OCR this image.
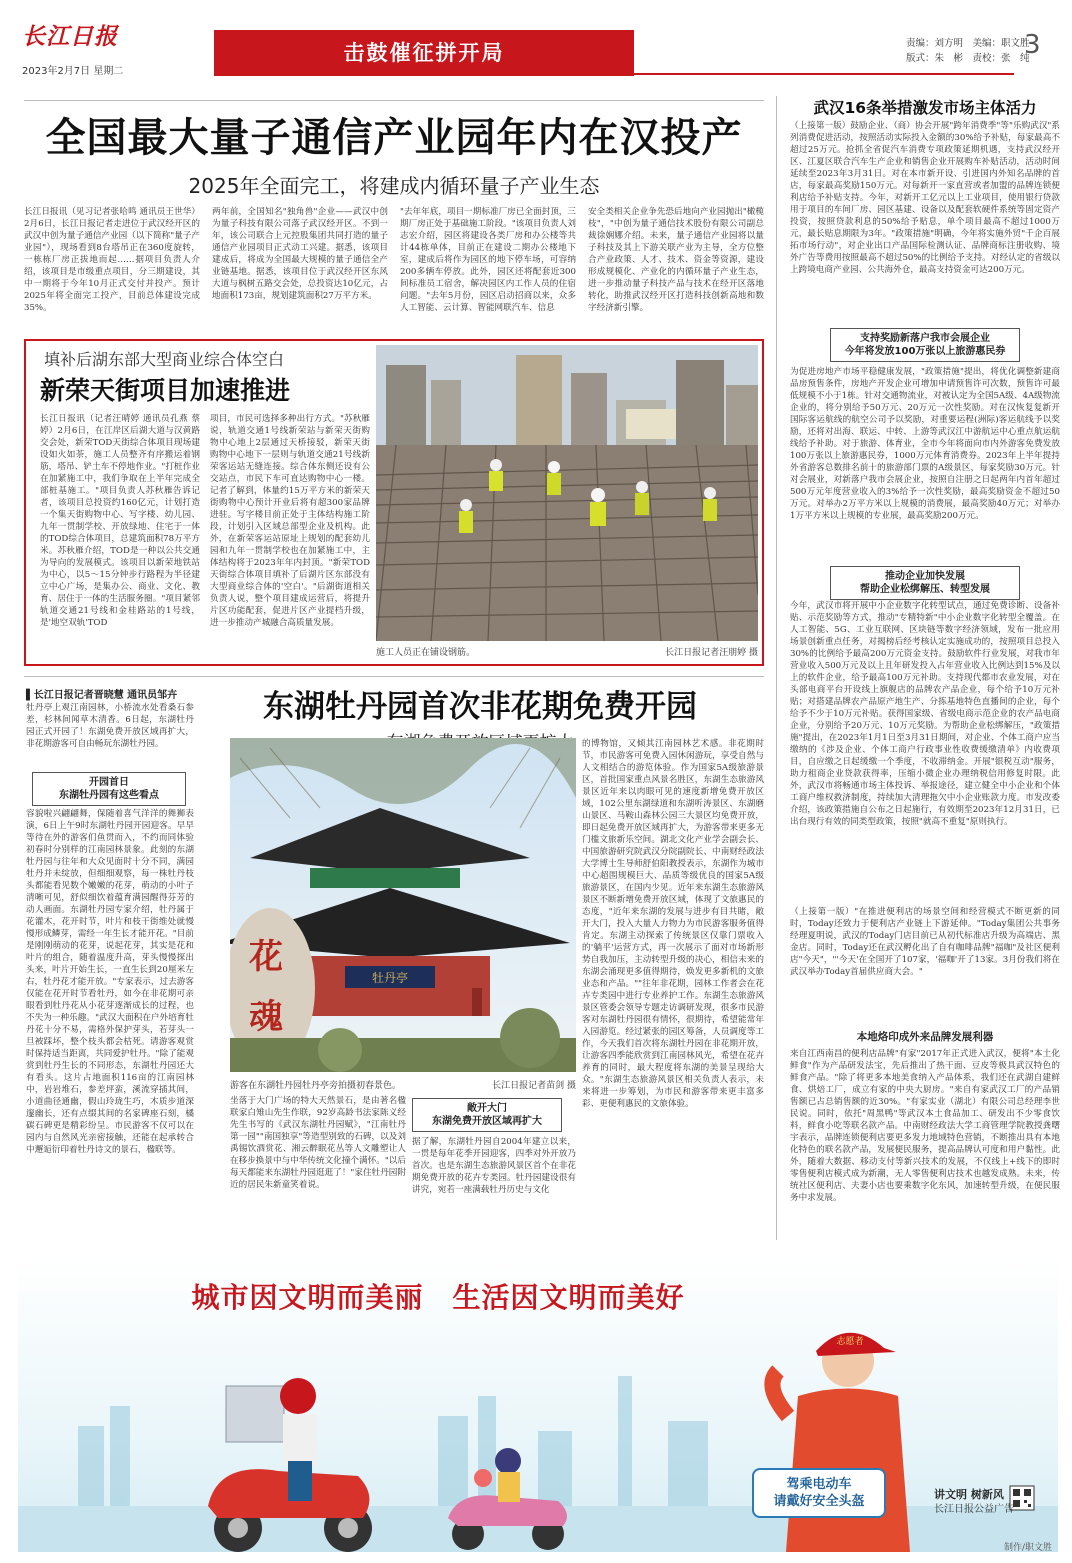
长江日报
2023年2月7日 星期二
击鼓催征拼开局	责编：刘方明　美编：职文胜
版式：朱　彬　责校：张　纯
3
全国最大量子通信产业园年内在汉投产
2025年全面完工，将建成内循环量子产业生态
长江日报讯（见习记者张哈鸣 通讯员王世华）2月6日，长江日报记者走进位于武汉经开区的武汉中创为量子通信产业园（以下简称"量子产业园"），现场看到8台塔吊正在360度旋转，一栋栋厂房正拔地而起……据项目负责人介绍，该项目是市级重点项目，分三期建设，其中一期将于今年10月正式交付并投产。预计2025年将全面完工投产，目前总体建设完成35%。
两年前，全国知名"独角兽"企业——武汉中创为量子科技有限公司落子武汉经开区。不到一年，该公司联合上元控股集团共同打造的量子通信产业园项目正式动工兴建。据悉，该项目建成后，将成为全国最大规模的量子通信全产业链基地。据悉，该项目位于武汉经开区东风大道与枫树五路交会处，总投资达10亿元，占地面积173亩，规划建筑面积27万平方米。
"去年年底，项目一期标准厂房已全面封顶，三期厂房正处于基础施工阶段。"该项目负责人刘志宏介绍，园区将建设各类厂房和办公楼等共计44栋单体，目前正在建设二期办公楼地下室，建成后将作为园区的地下停车场，可容纳200多辆车停放。此外，园区还将配套近300间标准员工宿舍，解决园区内工作人员的住宿问题。"去年5月份，园区启动招商以来，众多人工智能、云计算、智能网联汽车、信息
安全类相关企业争先恐后地向产业园抛出"橄榄枝"，"中创为量子通信技术股份有限公司副总裁徐娴娜介绍。未来，量子通信产业园将以量子科技及其上下游关联产业为主导，全方位整合产业政策、人才、技术、资金等资源，建设形成规模化、产业化的内循环量子产业生态，进一步推动量子科技产品与技术在经开区落地转化，助推武汉经开区打造科技创新高地和数字经济新引擎。
填补后湖东部大型商业综合体空白
新荣天街项目加速推进
长江日报讯（记者汪晴婷 通讯员孔燕 蔡婷）2月6日，在江岸区后湖大道与汉黄路交会处，新荣TOD天街综合体项目现场建设如火如荼，施工人员整齐有序搬运着钢筋，塔吊、铲土车不停地作业。"打桩作业在加紧施工中，我们争取在上半年完成全部桩基施工。"项目负责人苏秋雁告诉记者，该项目总投资约160亿元，计划打造一个集天街购物中心、写字楼、幼儿园、九年一贯制学校、开放绿地、住宅于一体的TOD综合体项目，总建筑面积78万平方米。苏秋雁介绍，TOD是一种以公共交通为导向的发展模式。该项目以新荣地铁站为中心，以5～15分钟步行路程为半径建立中心广场，是集办公、商业、文化、教育、居住于一体的生活服务圈。"项目紧邻轨道交通21号线和金桂路站的1号线，是'地空双轨'TOD
项目，市民可选择多种出行方式。"苏秋雁说，轨道交通1号线新荣站与新荣天街购物中心地上2层通过天桥接驳，新荣天街购物中心地下一层则与轨道交通21号线新荣客运站无缝连接。综合体东侧还设有公交站点，市民下车可直达购物中心一楼。记者了解到，体量约15万平方米的新荣天街购物中心预计开业后将有超300家品牌进驻。写字楼目前正处于主体结构施工阶段，计划引入区域总部型企业及机构。此外，在新荣客运站原址上规划的配套幼儿园和九年一贯制学校也在加紧施工中，主体结构将于2023年年内封顶。"新荣TOD天街综合体项目填补了后湖片区东部没有大型商业综合体的'空白'。"后湖街道相关负责人说，整个项目建成运营后，将提升片区功能配套，促进片区产业提档升级，进一步推动产城融合高质量发展。
施工人员正在铺设钢筋。	长江日报记者汪朋婷 摄
▌长江日报记者晋晓慧 通讯员邹卉	东湖牡丹园首次非花期免费开园
牡丹亭上观江南园林，小桥流水处看桑石参差，杉林间闻草木清香。6日起，东湖牡丹园正式开园了！东湖免费开放区域再扩大，非花期游客可自由畅玩东湖牡丹园。
开园首日
东湖牡丹园有这些看点
容貌啦兴翩翩舞，保随着喜气洋洋的舞狮表演，6日上午9时东湖牡丹园开园迎客。早早等待在外的游客们鱼贯而入，不约而同体验初春时分别样的江南园林景象。此刻的东湖牡丹园与往年和大众见面时十分不同，满园牡丹并未绽放，但细细观察，每一株牡丹枝头都能看见数个嫩嫩的花芽，萌动的小叶子清晰可见，舒似细饮着蕴育满园醒得芬芳的动人画面。东湖牡丹园专家介绍，牡丹属于花灌木，花开时节，叶片和枝干街维处就慢慢形成鳞芽，需经一年生长才能开花。"目前是刚刚萌动的花芽，说起花芽，其实是花和叶片的组合，随着温度升高，芽头慢慢探出头来，叶片开始生长，一直生长到20厘米左右，牡丹花才能开放。"专家表示，过去游客仅能在花开时节看牡丹，如今在非花期可亲眼看到牡丹花从小花芽逐渐成长的过程，也不失为一种乐趣。"武汉大面积在户外培育牡丹花十分不易，需格外保护芽头，若芽头一旦被踩坏，整个枝头都会枯死。请游客观赏时保持适当距离，共同爱护牡丹。"除了能观赏到牡丹生长的不同形态，东湖牡丹园还大有看头。这片占地面积116亩的江南园林中，岩岩堆石，参差坪蛮，溪流穿插其间，小道曲径通幽，假山玲珑生巧，木质步道深邃幽长，还有点缀其间的名家碑座石刻，橘碳石碑更是精彩纷呈。市民游客不仅可以在园内与自然风光亲密接触，还能在起承转合中邂逅衍印着牡丹诗文的景石，楹联等。
牡丹亭
花
魂
游客在东湖牡丹园牡丹亭旁拍摄初春景色。	长江日报记者苗剑 摄
坐落于大门广场的特大天然景石，是由著名楹联家白雉山先生作联，92岁高龄书法家陈义经先生书写的《武汉东湖牡丹园赋》，"江南牡丹第一园""南国独享"等造型别致的石碑，以及刘禹锡饮酒赏花、湘云醉眠花丛等人文雕塑让人在移步换景中与中华传统文化撞个满怀。"以后每天都能来东湖牡丹园逛逛了！"家住牡丹园附近的居民朱新童笑着说。
敞开大门
东湖免费开放区域再扩大
据了解，东湖牡丹园自2004年建立以来，一贯是每年花季开园迎客，四季对外开放乃首次。也是东湖生态旅游风景区首个在非花期免费开放的花卉专类园。牡丹园建设很有讲究，宛若一座满载牡丹历史与文化
的博物馆，又倾其江南园林艺术感。非花期时节，市民游客可免费入园休闲游玩，享受自然与人文相结合的游览体验。作为国家5A级旅游景区，首批国家重点风景名胜区，东湖生态旅游风景区近年来以肉眼可见的速度新增免费开放区域，102公里东湖绿道和东湖听涛景区、东湖磨山景区、马鞍山森林公园三大景区均免费开放，即日起免费开放区域再扩大，为游客带来更多无门槛文旅新乐空间。湖北文化产业学会副会长、中国旅游研究院武汉分院副院长、中南财经政法大学博士生导师舒伯阳教授表示，东湖作为城市中心超围规模巨大、品质等级优良的国家5A级旅游景区，在国内少见。近年来东湖生态旅游风景区不断新增免费开放区域，体现了文旅惠民的态度，"近年来东湖的发展与进步有目共睹，敞开大门，投入大量人力物力为市民游客服务值得肯定。东湖主动探索了传统景区仅靠门票收入的'躺平'运营方式，再一次展示了面对市场新形势自我加压，主动转型升级的决心，相信未来的东湖会涌现更多值得期待，焕发更多新机的文旅业态和产品。""往年非花期，园林工作者会在花卉专类园中进行专业养护工作。东湖生态旅游风景区管委会领导专题走访调研发现，很多市民游客对东湖牡丹园很有情怀，很期待，希望能常年入园游览。经过紧张的园区筹备，人员调度等工作，今天我们首次将东湖牡丹园在非花期开放，让游客四季能欣赏到江南园林风光，希望在花卉养育的同时，最大程度将东湖的美景呈现给大众。"东湖生态旅游风景区相关负责人表示，未来将进一步筹划，为市民和游客带来更丰富多彩、更便利惠民的文旅体验。
武汉16条举措激发市场主体活力
（上接第一版）鼓励企业、（商）协会开展"跨年消费季"等"乐购武汉"系列消费促进活动，按照活动实际投入金额的30%给予补贴，每家最高不超过25万元。抢抓全省促汽车消费专项政策延期机遇，支持武汉经开区、江夏区联合汽车生产企业和销售企业开展购车补贴活动，活动时间延续至2023年3月31日。对在本市新开设、引进国内外知名品牌的首店，每家最高奖励150万元。对每新开一家直营或者加盟的品牌连锁便利店给予补贴支持。今年，对新开工亿元以上工业项目，使用银行贷款用于项目的车间厂房、园区基建、设备以及配套软硬件系统等固定资产投资，按照贷款利息的50%给予贴息，单个项目最高不超过1000万元，最长贴息期限为3年。"政策措施"明确，今年将实施外贸"千企百展拓市场行动"，对企业出口产品国际检测认证、品牌商标注册收购、境外广告等费用按照最高不超过50%的比例给予支持。对经认定的省级以上跨境电商产业园、公共海外仓，最高支持资金可达200万元。
支持奖励新落户我市会展企业
今年将发放100万张以上旅游惠民券
为促进房地产市场平稳健康发展，"政策措施"提出，将优化调整新建商品房预售条件，房地产开发企业可增加申请预售许可次数，预售许可最低规模不小于1栋。针对交通物流业，对被认定为全国5A级、4A级物流企业的，将分别给予50万元、20万元一次性奖励。对在汉恢复复新开国际客运航线的航空公司予以奖励，对重要运程(洲际)客运航线予以奖励，还将对出海、联运、中转、上游等武汉江中游航运中心重点航运航线给予补助。对于旅游、体育业，全市今年将面向市内外游客免费发放100万张以上旅游惠民券，1000万元体育消费券。2023年上半年提持外省游客总数排名前十的旅游部门票的A级景区，每家奖励30万元。针对会展业，对新落户我市会展企业，按照自注册之日起两年内首年超过500万元年度营业收入的3%给予一次性奖励，最高奖励资金不超过50万元。对举办2万平方米以上规模的消费展，最高奖励40万元；对举办1万平方米以上规模的专业展，最高奖励200万元。
推动企业加快发展
帮助企业松绑解压、转型发展
今年，武汉市将开展中小企业数字化转型试点，通过免费诊断、设备补贴、示范奖励等方式，推动"专精特新"中小企业数字化转型全覆盖。在人工智能、5G、工业互联网、区块链等数字经济领域，发布一批应用场景创新重点任务，对揭榜后经考核认定实施成功的，按照项目总投入30%的比例给予最高200万元资金支持。鼓励软件行业发展，对我市年营业收入500万元及以上且年研发投入占年营业收入比例达到15%及以上的软件企业，给予最高100万元补助。支持现代都市农业发展，对在头部电商平台开设线上旗舰店的品牌农产品企业，每个给予10万元补贴；对搭建品牌农产品原产地生产、分拣基地特色直播间的企业，每个给予不少于10万元补贴。获得国家级、省级电商示范企业的农产品电商企业，分别给予20万元、10万元奖励。为帮助企业松绑解压，"政策措施"提出，在2023年1月1日至3月31日期间，对企业、个体工商户应当缴纳的《涉及企业、个体工商户行政事业性收费缓缴清单》内收费项目，自应缴之日起缓缴一个季度，不收滞纳金。开展"银税互动"服务，助力租商企业贷款获得率，压缩小微企业办理纳税信用修复时限。此外，武汉市将畅通市场主体投诉、举报途径，建立健全中小企业和个体工商户维权救济制度，持续加大清理拖欠中小企业账款力度。市发改委介绍，该政策措施自公布之日起施行，有效期至2023年12月31日，已出台现行有效的同类型政策，按照"就高不重复"原则执行。
（上接第一版）"在推进便利店的场景空间和经营模式不断更新的同时，Today还致力于便利店产业链上下游延伸。"Today集团公共事务经理夏明说，武汉的Today门店目前已从初代标准店升级为高端店、黑金店。同时，Today还在武汉孵化出了自有咖啡品牌"福咖"及社区便利店"今天"，"'今天'在全国开了107家，'福咖'开了13家。3月份我们将在武汉举办Today首届供应商大会。"
本地烙印成外来品牌发展利器
来自江西南昌的便利店品牌"有家"2017年正式进入武汉，便将"本土化鲜食"作为产品研发法宝，先后推出了热干面、豆皮等极具武汉特色的鲜食产品。"除了将更多本地美食纳入产品体系，我们还在武湖自建鲜食、烘焙工厂，成立有家的中央大厨房。"来自有家武汉工厂的产品销售额已占总销售额的近30%。"有家实业（湖北）有限公司总经理李世民说。同时，依托"周黑鸭"等武汉本土食品加工、研发出不少零食饮料，鲜食小吃等联名款产品。中南财经政法大学工商管理学院教授龚曙宇表示，品牌连锁便利店要更多发力地域特色营销，不断推出具有本地化特色的联名款产品，发展便民服务，提高品牌认可度和用户黏性。此外，随着大数据、移动支付等新兴技术的发展，不仅线上+线下的即时零售便利店模式成为新潮，无人零售便利店技术也越发成熟。未来，传统社区便利店、夫妻小店也要乘数字化东风，加速转型升级，在便民服务中求发展。
城市因文明而美丽　生活因文明而美好
志愿者
驾乘电动车
请戴好安全头盔	讲文明 树新风
长江日报公益广告
制作/职文胜
